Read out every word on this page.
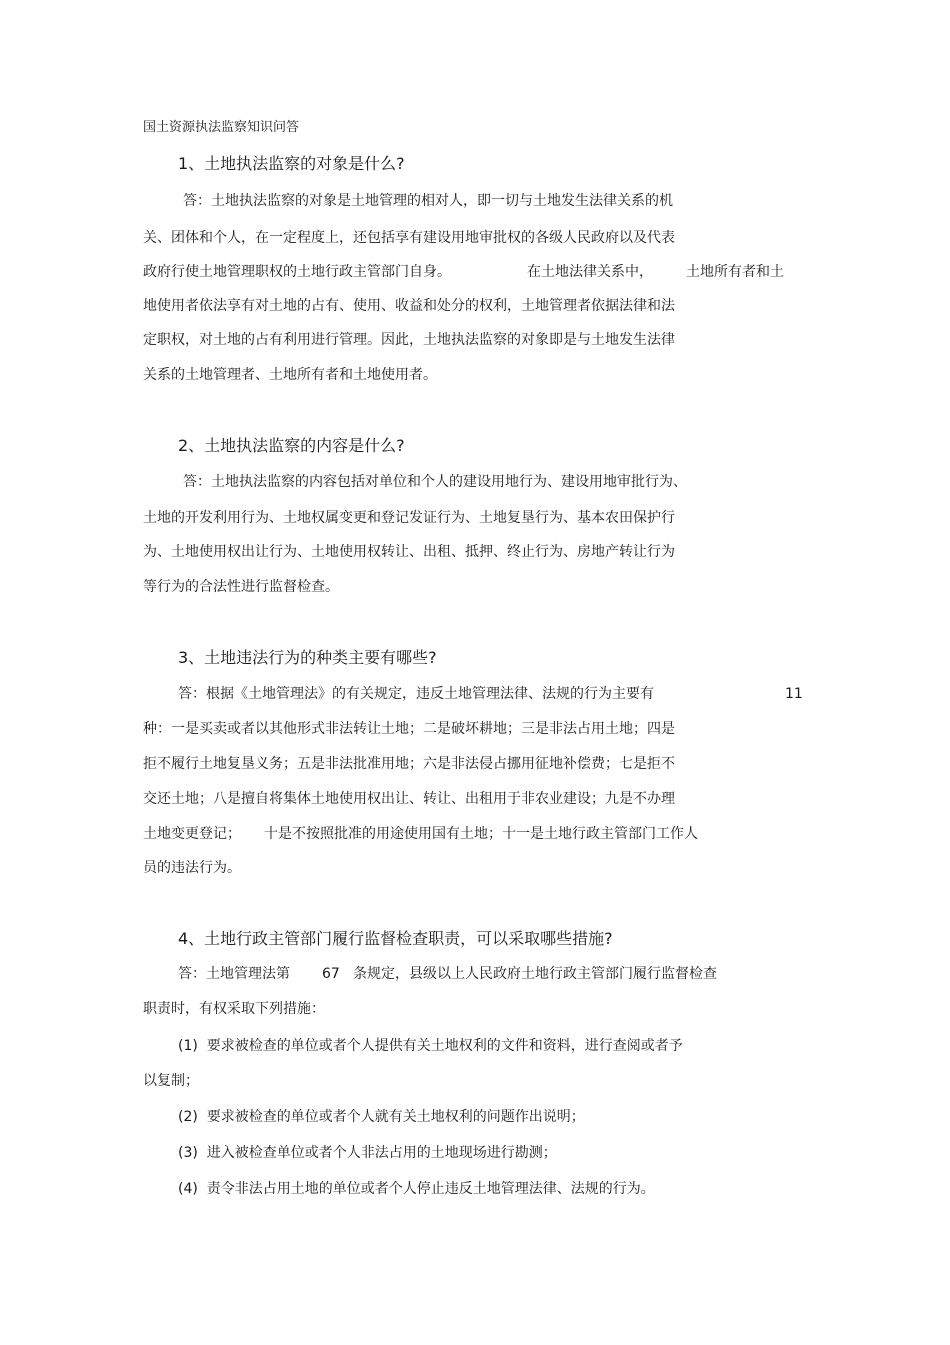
国土资源执法监察知识问答
1、土地执法监察的对象是什么?
答：土地执法监察的对象是土地管理的相对人，即一切与土地发生法律关系的机
关、团体和个人，在一定程度上，还包括享有建设用地审批权的各级人民政府以及代表
政府行使土地管理职权的土地行政主管部门自身。	在土地法律关系中， 土地所有者和土
地使用者依法享有对土地的占有、使用、收益和处分的权利，土地管理者依据法律和法
定职权，对土地的占有利用进行管理。因此，土地执法监察的对象即是与土地发生法律
关系的土地管理者、土地所有者和土地使用者。
2、土地执法监察的内容是什么?
答：土地执法监察的内容包括对单位和个人的建设用地行为、建设用地审批行为、
土地的开发利用行为、土地权属变更和登记发证行为、土地复垦行为、基本农田保护行
为、土地使用权出让行为、土地使用权转让、出租、抵押、终止行为、房地产转让行为
等行为的合法性进行监督检查。
3、土地违法行为的种类主要有哪些?
答：根据《土地管理法》的有关规定，违反土地管理法律、法规的行为主要有	11
种：一是买卖或者以其他形式非法转让土地；二是破坏耕地；三是非法占用土地；四是
拒不履行土地复垦义务；五是非法批准用地；六是非法侵占挪用征地补偿费；七是拒不
交还土地；八是擅自将集体土地使用权出让、转让、出租用于非农业建设；九是不办理
土地变更登记； 十是不按照批准的用途使用国有土地；十一是土地行政主管部门工作人
员的违法行为。
4、土地行政主管部门履行监督检查职责，可以采取哪些措施?
答：土地管理法第 67 条规定，县级以上人民政府土地行政主管部门履行监督检查
职责时，有权采取下列措施：
(1)  要求被检查的单位或者个人提供有关土地权利的文件和资料，进行查阅或者予
以复制；
(2)  要求被检查的单位或者个人就有关土地权利的问题作出说明；
(3)  进入被检查单位或者个人非法占用的土地现场进行勘测；
(4)  责令非法占用土地的单位或者个人停止违反土地管理法律、法规的行为。
